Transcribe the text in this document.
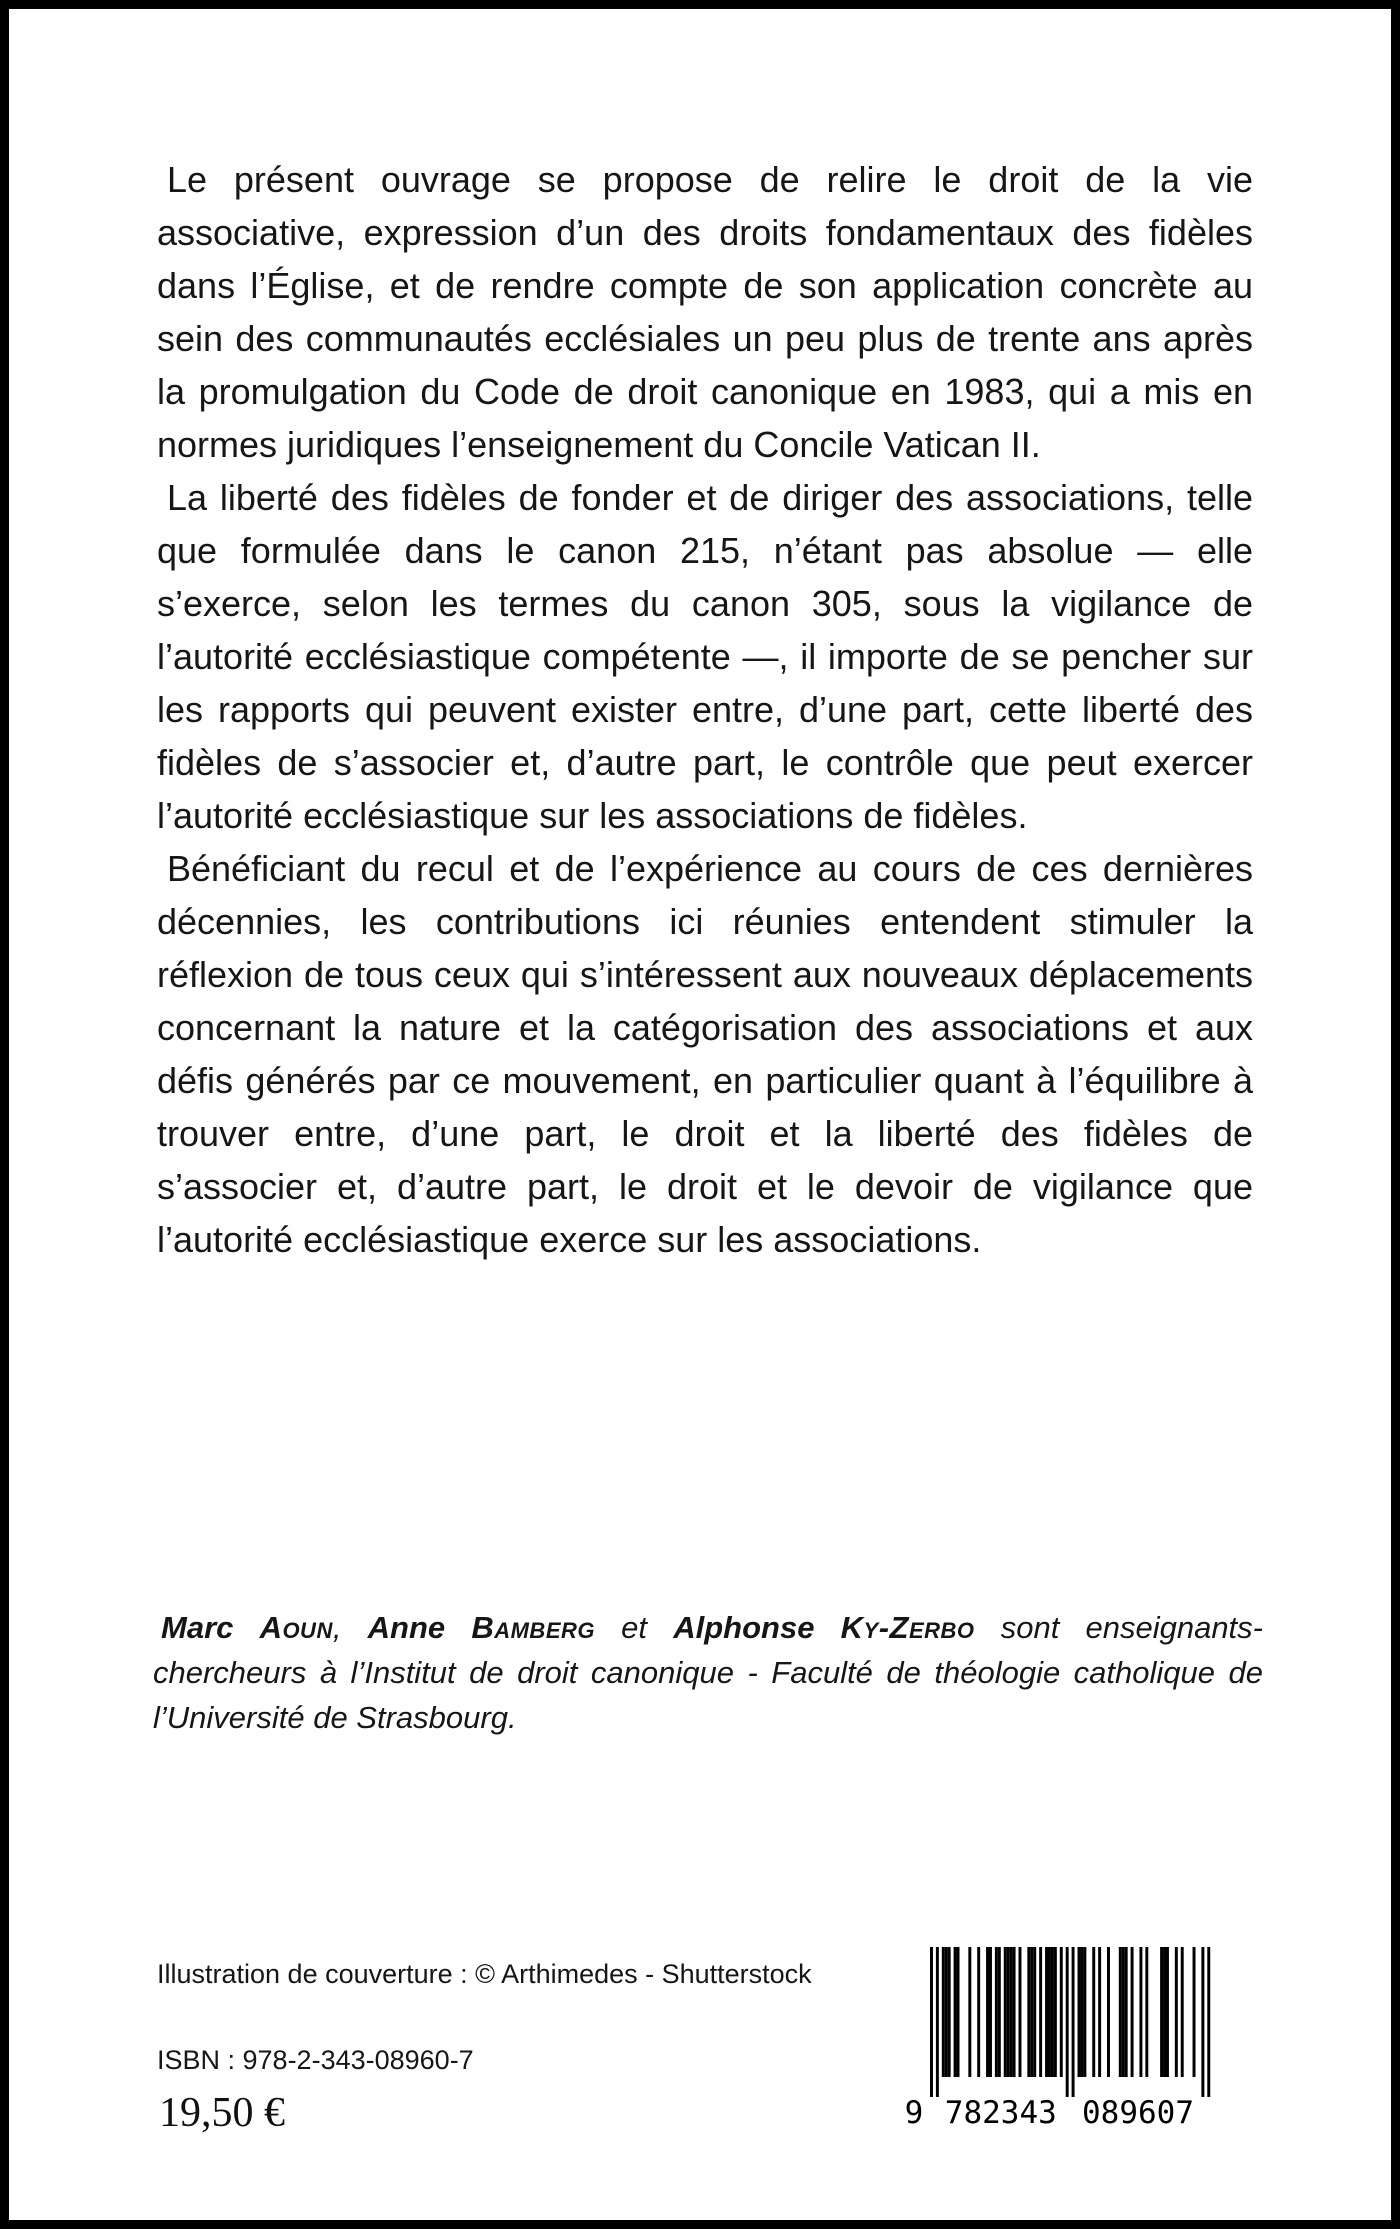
Le présent ouvrage se propose de relire le droit de la vie associative, expression d’un des droits fondamentaux des fidèles dans l’Église, et de rendre compte de son application concrète au sein des communautés ecclésiales un peu plus de trente ans après la promulgation du Code de droit canonique en 1983, qui a mis en normes juridiques l’enseignement du Concile Vatican II.

La liberté des fidèles de fonder et de diriger des associations, telle que formulée dans le canon 215, n’étant pas absolue — elle s’exerce, selon les termes du canon 305, sous la vigilance de l’autorité ecclésiastique compétente —, il importe de se pencher sur les rapports qui peuvent exister entre, d’une part, cette liberté des fidèles de s’associer et, d’autre part, le contrôle que peut exercer l’autorité ecclésiastique sur les associations de fidèles.

Bénéficiant du recul et de l’expérience au cours de ces dernières décennies, les contributions ici réunies entendent stimuler la réflexion de tous ceux qui s’intéressent aux nouveaux déplacements concernant la nature et la catégorisation des associations et aux défis générés par ce mouvement, en particulier quant à l’équilibre à trouver entre, d’une part, le droit et la liberté des fidèles de s’associer et, d’autre part, le droit et le devoir de vigilance que l’autorité ecclésiastique exerce sur les associations.

Marc Aoun, Anne Bamberg et Alphonse Ky-Zerbo sont enseignants-chercheurs à l’Institut de droit canonique - Faculté de théologie catholique de l’Université de Strasbourg.

Illustration de couverture : © Arthimedes - Shutterstock
ISBN : 978-2-343-08960-7
19,50 €	9 782343 089607
